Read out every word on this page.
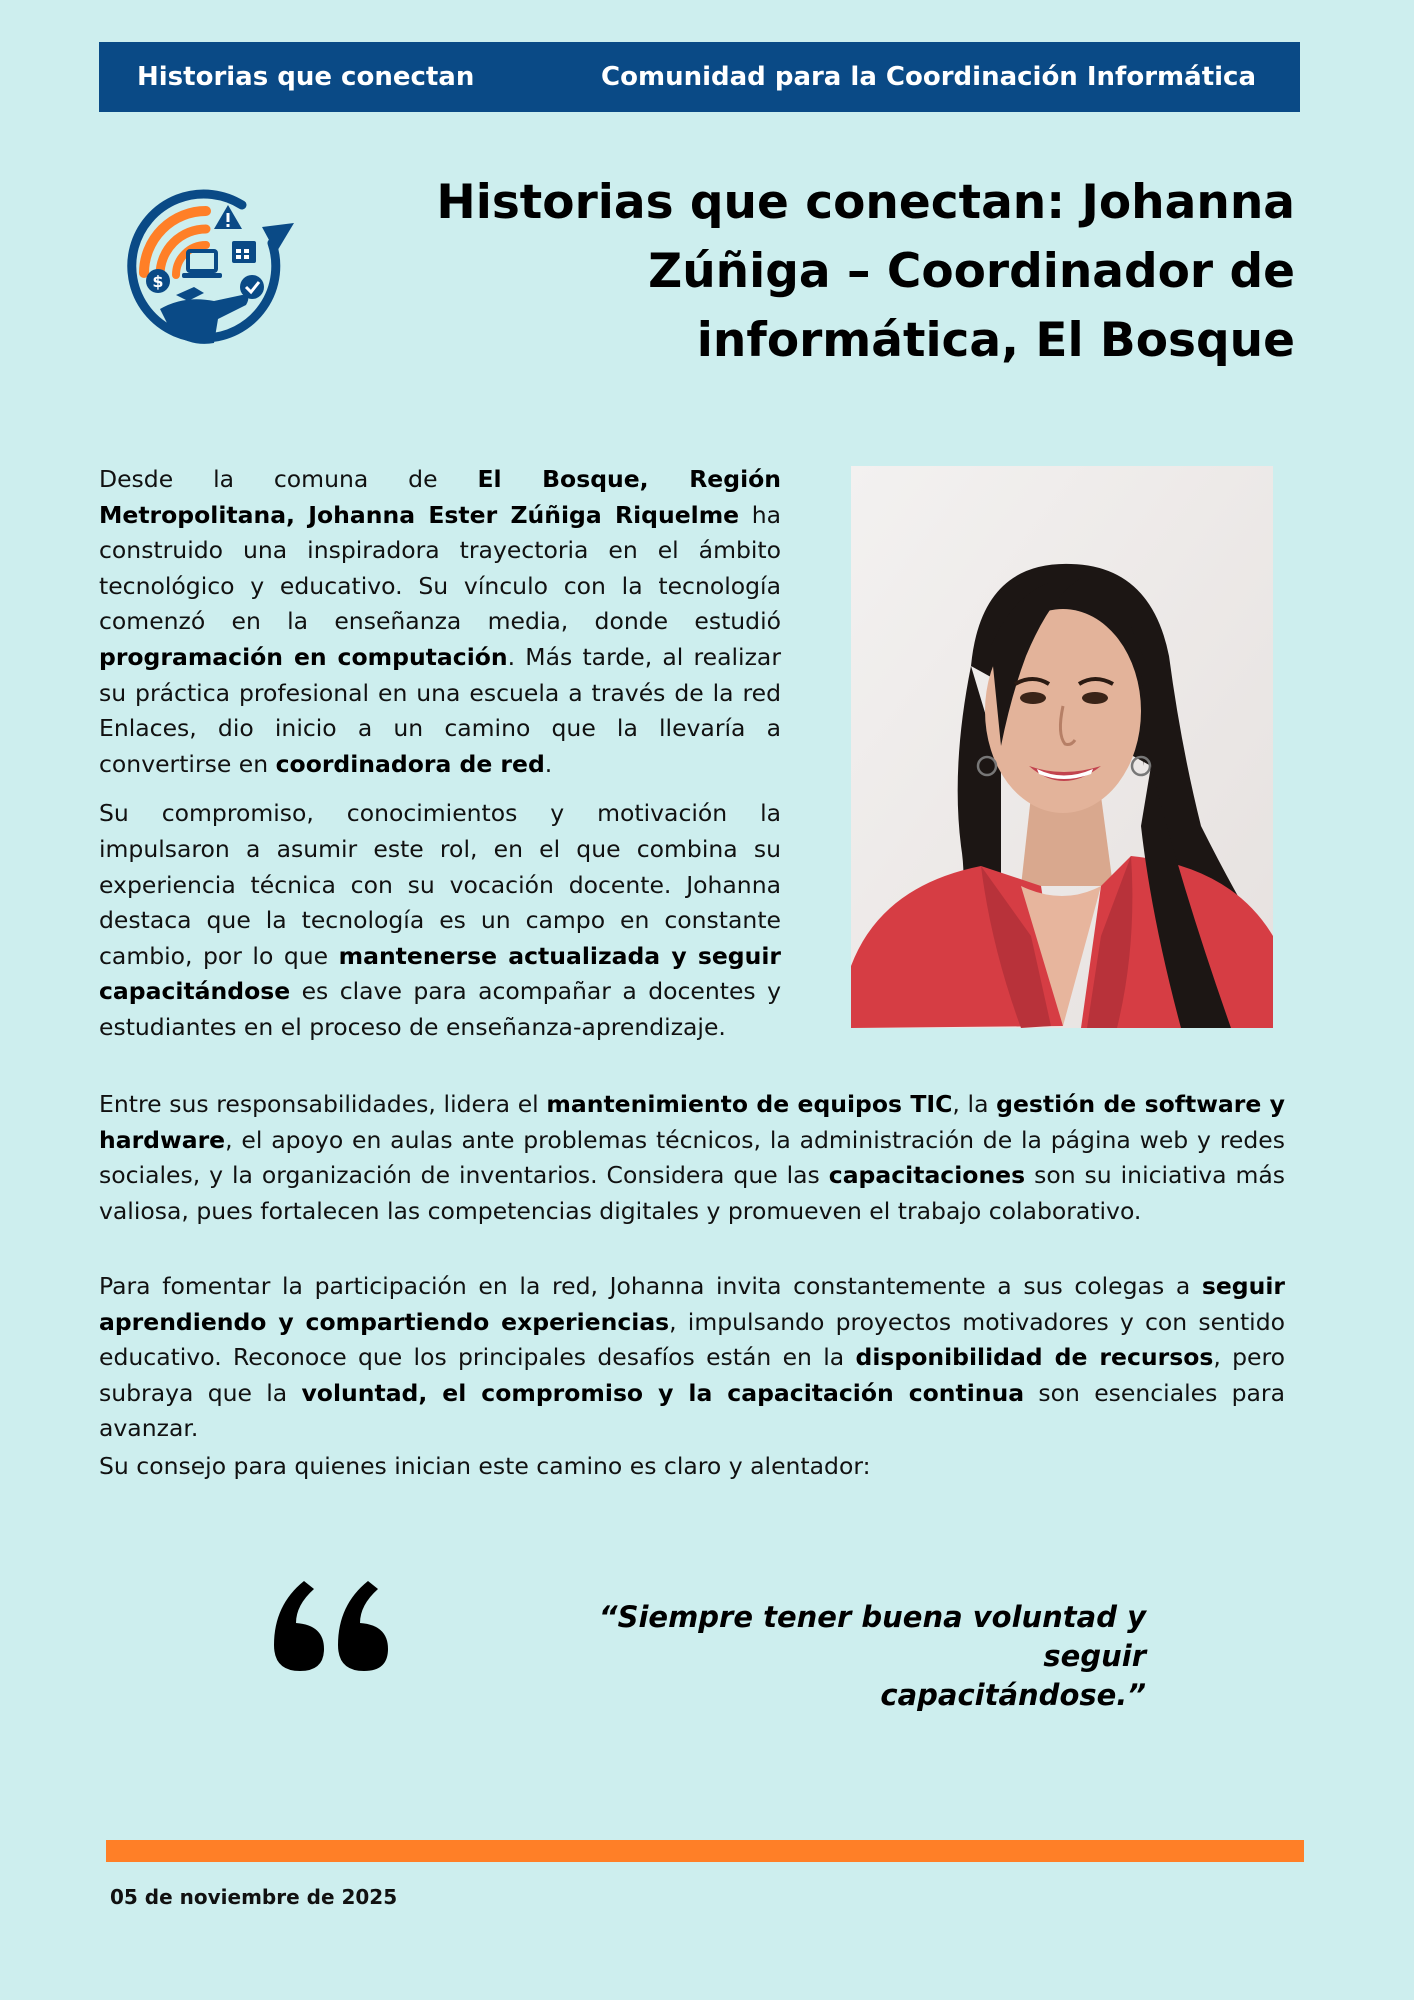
Historias que conectan	Comunidad para la Coordinación Informática
$
Historias que conectan: Johanna
Zúñiga – Coordinador de
informática, El Bosque

Desde la comuna de El Bosque, Región Metropolitana, Johanna Ester Zúñiga Riquelme ha construido una inspiradora trayectoria en el ámbito tecnológico y educativo. Su vínculo con la tecnología comenzó en la enseñanza media, donde estudió programación en computación. Más tarde, al realizar su práctica profesional en una escuela a través de la red Enlaces, dio inicio a un camino que la llevaría a convertirse en coordinadora de red.

Su compromiso, conocimientos y motivación la impulsaron a asumir este rol, en el que combina su experiencia técnica con su vocación docente. Johanna destaca que la tecnología es un campo en constante cambio, por lo que mantenerse actualizada y seguir capacitándose es clave para acompañar a docentes y estudiantes en el proceso de enseñanza-aprendizaje.

Entre sus responsabilidades, lidera el mantenimiento de equipos TIC, la gestión de software y hardware, el apoyo en aulas ante problemas técnicos, la administración de la página web y redes sociales, y la organización de inventarios. Considera que las capacitaciones son su iniciativa más valiosa, pues fortalecen las competencias digitales y promueven el trabajo colaborativo.

Para fomentar la participación en la red, Johanna invita constantemente a sus colegas a seguir aprendiendo y compartiendo experiencias, impulsando proyectos motivadores y con sentido educativo. Reconoce que los principales desafíos están en la disponibilidad de recursos, pero subraya que la voluntad, el compromiso y la capacitación continua son esenciales para avanzar.

Su consejo para quienes inician este camino es claro y alentador:

“Siempre tener buena voluntad y seguir
capacitándose.”

05 de noviembre de 2025
